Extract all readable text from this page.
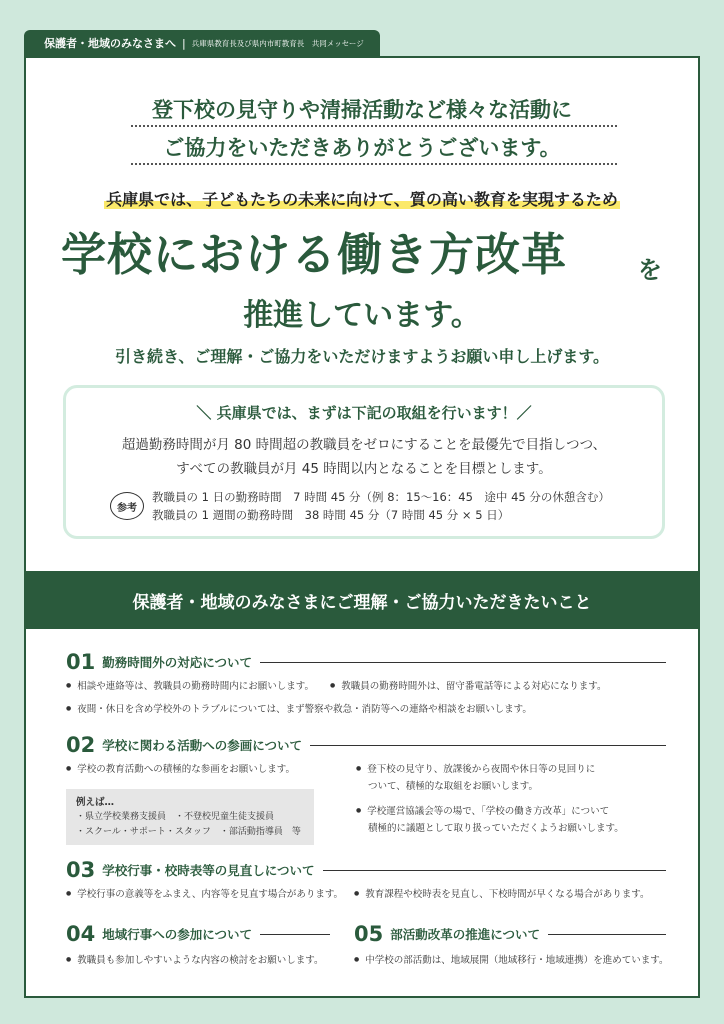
保護者・地域のみなさまへ | 兵庫県教育長及び県内市町教育長　共同メッセージ
登下校の見守りや清掃活動など様々な活動に
ご協力をいただきありがとうございます。
兵庫県では、子どもたちの未来に向けて、質の高い教育を実現するため
学校における働き方改革	を
推進しています。
引き続き、ご理解・ご協力をいただけますようお願い申し上げます。
＼ 兵庫県では、まずは下記の取組を行います！／
超過勤務時間が月 80 時間超の教職員をゼロにすることを最優先で目指しつつ、
すべての教職員が月 45 時間以内となることを目標とします。
参考
教職員の 1 日の勤務時間　7 時間 45 分（例 8：15～16：45　途中 45 分の休憩含む）
教職員の 1 週間の勤務時間　38 時間 45 分（7 時間 45 分 × 5 日）
保護者・地域のみなさまにご理解・ご協力いただきたいこと
01 勤務時間外の対応について
● 相談や連絡等は、教職員の勤務時間内にお願いします。	● 教職員の勤務時間外は、留守番電話等による対応になります。
● 夜間・休日を含め学校外のトラブルについては、まず警察や救急・消防等への連絡や相談をお願いします。
02 学校に関わる活動への参画について
● 学校の教育活動への積極的な参画をお願いします。
例えば…
・県立学校業務支援員　・不登校児童生徒支援員
・スクール・サポート・スタッフ　・部活動指導員　等
● 登下校の見守り、放課後から夜間や休日等の見回りに
ついて、積極的な取組をお願いします。
● 学校運営協議会等の場で、「学校の働き方改革」について
積極的に議題として取り扱っていただくようお願いします。
03 学校行事・校時表等の見直しについて
● 学校行事の意義等をふまえ、内容等を見直す場合があります。	● 教育課程や校時表を見直し、下校時間が早くなる場合があります。
04 地域行事への参加について
● 教職員も参加しやすいような内容の検討をお願いします。
05 部活動改革の推進について
● 中学校の部活動は、地域展開（地域移行・地域連携）を進めています。
